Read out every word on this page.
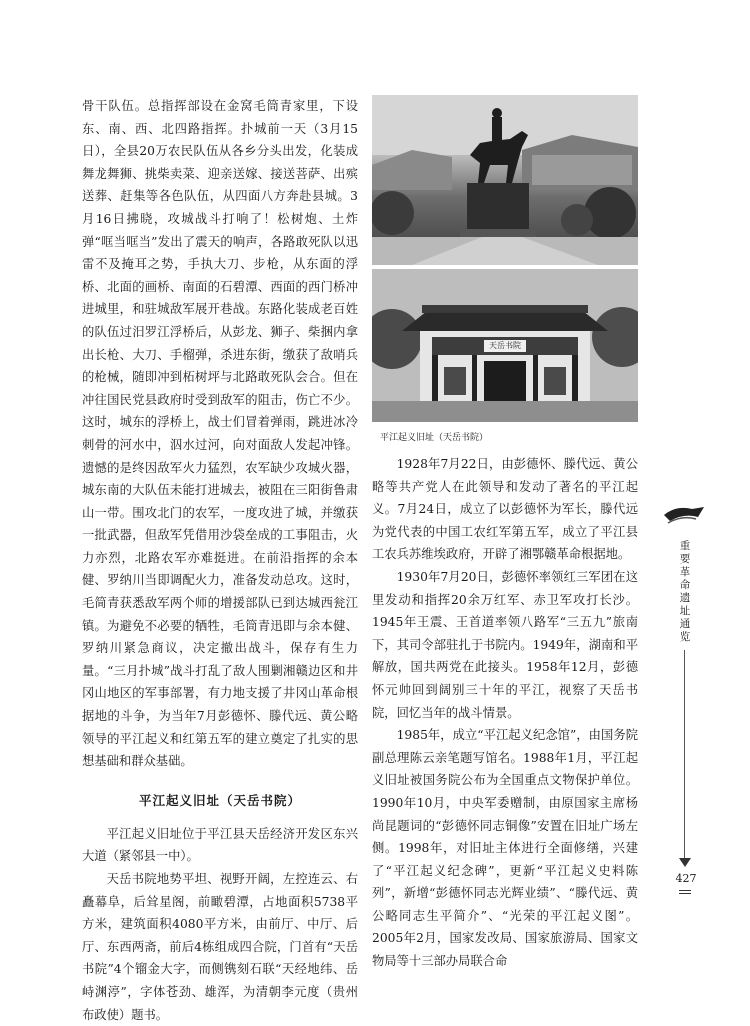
骨干队伍。总指挥部设在金窝毛筒青家里，下设东、南、西、北四路指挥。扑城前一天（3月15日），全县20万农民队伍从各乡分头出发，化装成舞龙舞狮、挑柴卖菜、迎亲送嫁、接送菩萨、出殡送葬、赶集等各色队伍，从四面八方奔赴县城。3月16日拂晓，攻城战斗打响了！松树炮、土炸弹“哐当哐当”发出了震天的响声，各路敢死队以迅雷不及掩耳之势，手执大刀、步枪，从东面的浮桥、北面的画桥、南面的石碧潭、西面的西门桥冲进城里，和驻城敌军展开巷战。东路化装成老百姓的队伍过汨罗江浮桥后，从彭龙、狮子、柴捆内拿出长枪、大刀、手榴弹，杀进东街，缴获了敌哨兵的枪械，随即冲到柘树坪与北路敢死队会合。但在冲往国民党县政府时受到敌军的阻击，伤亡不少。这时，城东的浮桥上，战士们冒着弹雨，跳进冰冷刺骨的河水中，泅水过河，向对面敌人发起冲锋。遗憾的是终因敌军火力猛烈，农军缺少攻城火器，城东南的大队伍未能打进城去，被阻在三阳街鲁肃山一带。围攻北门的农军，一度攻进了城，并缴获一批武器，但敌军凭借用沙袋垒成的工事阻击，火力亦烈，北路农军亦难挺进。在前沿指挥的余本健、罗纳川当即调配火力，准备发动总攻。这时，毛简青获悉敌军两个师的增援部队已到达城西瓮江镇。为避免不必要的牺牲，毛筒青迅即与余本健、罗纳川紧急商议，决定撤出战斗，保存有生力量。“三月扑城”战斗打乱了敌人围剿湘赣边区和井冈山地区的军事部署，有力地支援了井冈山革命根据地的斗争，为当年7月彭德怀、滕代远、黄公略领导的平江起义和红第五军的建立奠定了扎实的思想基础和群众基础。

平江起义旧址（天岳书院）

平江起义旧址位于平江县天岳经济开发区东兴大道（紧邻县一中）。

天岳书院地势平坦、视野开阔，左控连云、右矗幕阜，后耸星阁，前瞰碧潭，占地面积5738平方米，建筑面积4080平方米，由前厅、中厅、后厅、东西两斋，前后4栋组成四合院，门首有“天岳书院”4个镏金大字，而侧镌刻石联“天经地纬、岳峙渊渟”，字体苍劲、雄浑，为清朝李元度（贵州布政使）题书。

天岳书院
平江起义旧址（天岳书院）

1928年7月22日，由彭德怀、滕代远、黄公略等共产党人在此领导和发动了著名的平江起义。7月24日，成立了以彭德怀为军长，滕代远为党代表的中国工农红军第五军，成立了平江县工农兵苏维埃政府，开辟了湘鄂赣革命根据地。

1930年7月20日，彭德怀率领红三军团在这里发动和指挥20余万红军、赤卫军攻打长沙。1945年王震、王首道率领八路军“三五九”旅南下，其司令部驻扎于书院内。1949年，湖南和平解放，国共两党在此接头。1958年12月，彭德怀元帅回到阔别三十年的平江，视察了天岳书院，回忆当年的战斗情景。

1985年，成立“平江起义纪念馆”，由国务院副总理陈云亲笔题写馆名。1988年1月，平江起义旧址被国务院公布为全国重点文物保护单位。1990年10月，中央军委赠制，由原国家主席杨尚昆题词的“彭德怀同志铜像”安置在旧址广场左侧。1998年，对旧址主体进行全面修缮，兴建了“平江起义纪念碑”，更新“平江起义史料陈列”，新增“彭德怀同志光辉业绩”、“滕代远、黄公略同志生平简介”、“光荣的平江起义图”。2005年2月，国家发改局、国家旅游局、国家文物局等十三部办局联合命

重要革命遗址通览
427
